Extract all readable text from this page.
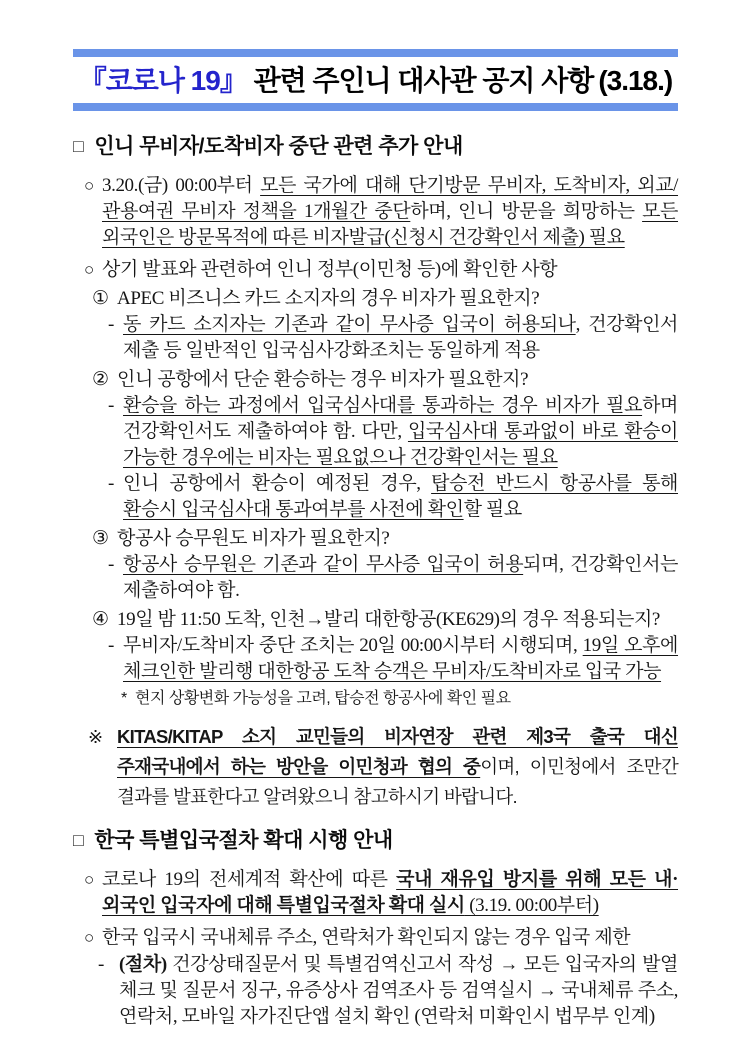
『코로나 19』 관련 주인니 대사관 공지 사항 (3.18.)
□ 인니 무비자/도착비자 중단 관련 추가 안내
○ 3.20.(금) 00:00부터 모든 국가에 대해 단기방문 무비자, 도착비자, 외교/관용여권 무비자 정책을 1개월간 중단하며, 인니 방문을 희망하는 모든 외국인은 방문목적에 따른 비자발급(신청시 건강확인서 제출) 필요
○ 상기 발표와 관련하여 인니 정부(이민청 등)에 확인한 사항
① APEC 비즈니스 카드 소지자의 경우 비자가 필요한지?
- 동 카드 소지자는 기존과 같이 무사증 입국이 허용되나, 건강확인서 제출 등 일반적인 입국심사강화조치는 동일하게 적용
② 인니 공항에서 단순 환승하는 경우 비자가 필요한지?
- 환승을 하는 과정에서 입국심사대를 통과하는 경우 비자가 필요하며 건강확인서도 제출하여야 함. 다만, 입국심사대 통과없이 바로 환승이 가능한 경우에는 비자는 필요없으나 건강확인서는 필요
- 인니 공항에서 환승이 예정된 경우, 탑승전 반드시 항공사를 통해 환승시 입국심사대 통과여부를 사전에 확인할 필요
③ 항공사 승무원도 비자가 필요한지?
- 항공사 승무원은 기존과 같이 무사증 입국이 허용되며, 건강확인서는 제출하여야 함.
④ 19일 밤 11:50 도착, 인천→발리 대한항공(KE629)의 경우 적용되는지?
- 무비자/도착비자 중단 조치는 20일 00:00시부터 시행되며, 19일 오후에 체크인한 발리행 대한항공 도착 승객은 무비자/도착비자로 입국 가능
* 현지 상황변화 가능성을 고려, 탑승전 항공사에 확인 필요
※ KITAS/KITAP 소지 교민들의 비자연장 관련 제3국 출국 대신 주재국내에서 하는 방안을 이민청과 협의 중이며, 이민청에서 조만간 결과를 발표한다고 알려왔으니 참고하시기 바랍니다.
□ 한국 특별입국절차 확대 시행 안내
○ 코로나 19의 전세계적 확산에 따른 국내 재유입 방지를 위해 모든 내·외국인 입국자에 대해 특별입국절차 확대 실시 (3.19. 00:00부터)
○ 한국 입국시 국내체류 주소, 연락처가 확인되지 않는 경우 입국 제한
- (절차) 건강상태질문서 및 특별검역신고서 작성 → 모든 입국자의 발열 체크 및 질문서 징구, 유증상사 검역조사 등 검역실시 → 국내체류 주소, 연락처, 모바일 자가진단앱 설치 확인 (연락처 미확인시 법무부 인계)
